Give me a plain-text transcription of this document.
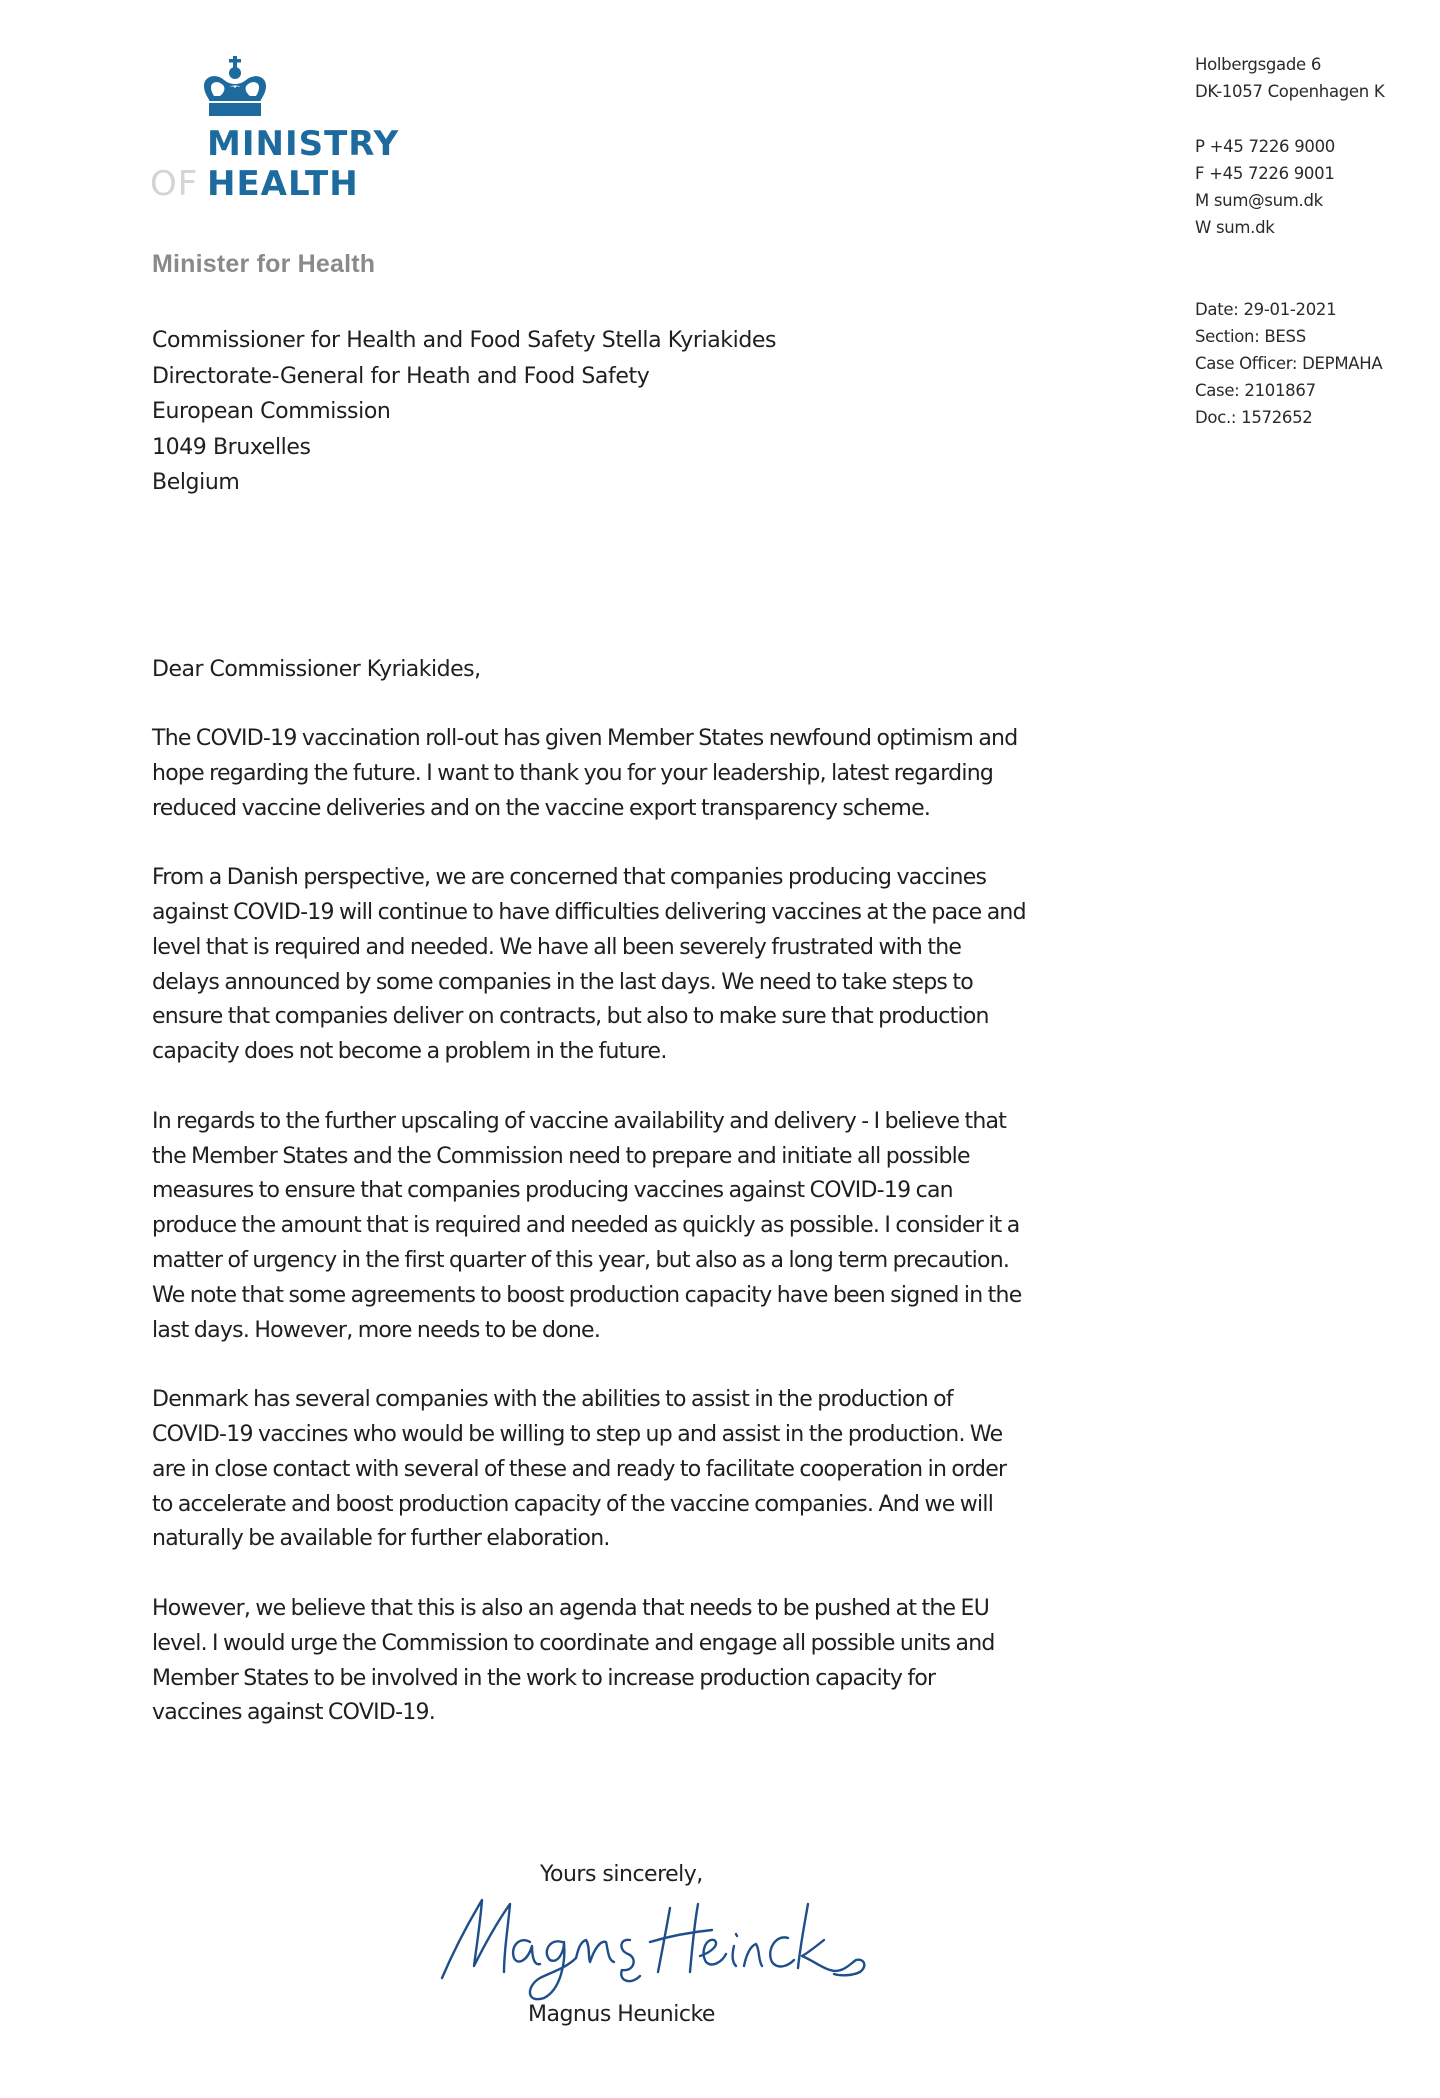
MINISTRY
OF HEALTH
Minister for Health
Holbergsgade 6
DK-1057 Copenhagen K
P +45 7226 9000
F +45 7226 9001
M sum@sum.dk
W sum.dk
Date: 29-01-2021
Section: BESS
Case Officer: DEPMAHA
Case: 2101867
Doc.: 1572652
Commissioner for Health and Food Safety Stella Kyriakides
Directorate-General for Heath and Food Safety
European Commission
1049 Bruxelles
Belgium
Dear Commissioner Kyriakides,

The COVID-19 vaccination roll-out has given Member States newfound optimism and
hope regarding the future. I want to thank you for your leadership, latest regarding
reduced vaccine deliveries and on the vaccine export transparency scheme.

From a Danish perspective, we are concerned that companies producing vaccines
against COVID-19 will continue to have difficulties delivering vaccines at the pace and
level that is required and needed. We have all been severely frustrated with the
delays announced by some companies in the last days. We need to take steps to
ensure that companies deliver on contracts, but also to make sure that production
capacity does not become a problem in the future.

In regards to the further upscaling of vaccine availability and delivery - I believe that
the Member States and the Commission need to prepare and initiate all possible
measures to ensure that companies producing vaccines against COVID-19 can
produce the amount that is required and needed as quickly as possible. I consider it a
matter of urgency in the first quarter of this year, but also as a long term precaution.
We note that some agreements to boost production capacity have been signed in the
last days. However, more needs to be done.

Denmark has several companies with the abilities to assist in the production of
COVID-19 vaccines who would be willing to step up and assist in the production. We
are in close contact with several of these and ready to facilitate cooperation in order
to accelerate and boost production capacity of the vaccine companies. And we will
naturally be available for further elaboration.

However, we believe that this is also an agenda that needs to be pushed at the EU
level. I would urge the Commission to coordinate and engage all possible units and
Member States to be involved in the work to increase production capacity for
vaccines against COVID-19.

Yours sincerely,
Magnus Heunicke
